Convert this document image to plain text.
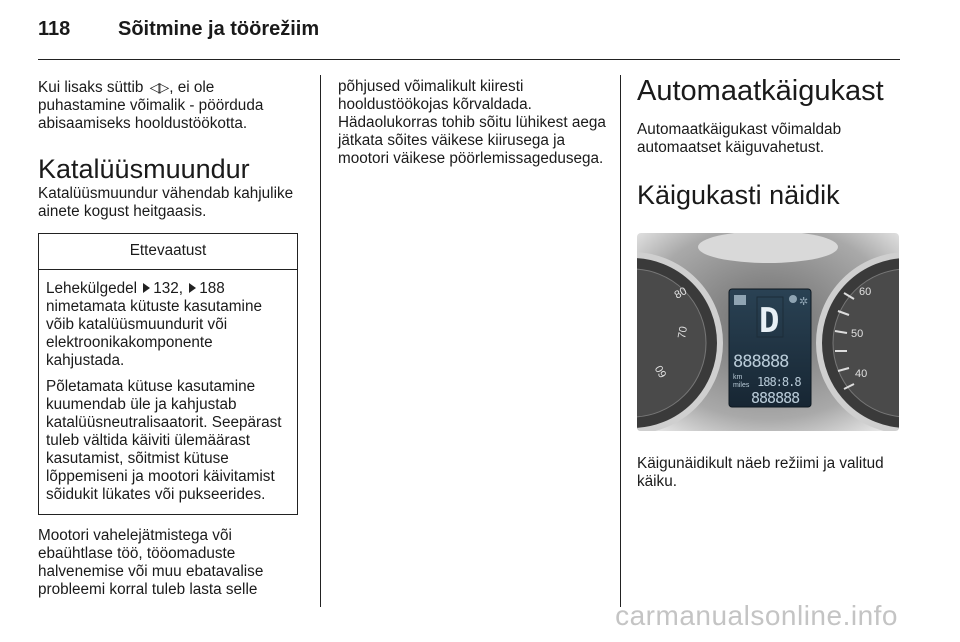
118 Sõitmine ja töörežiim

Kui lisaks süttib ◁▷ , ei ole puhastamine võimalik - pöörduda abisaamiseks hooldustöökotta.

Katalüüsmuundur

Katalüüsmuundur vähendab kahjulike ainete kogust heitgaasis.

Ettevaatust

Lehekülgedel 132, 188 nimetamata kütuste kasutamine võib katalüüsmuundurit või elektroonikakomponente kahjustada.

Põletamata kütuse kasutamine kuumendab üle ja kahjustab katalüüsneutralisaatorit. Seepärast tuleb vältida käiviti ülemäärast kasutamist, sõitmist kütuse lõppemiseni ja mootori käivitamist sõidukit lükates või pukseerides.

Mootori vahelejätmistega või ebaühtlase töö, tööomaduste halvenemise või muu ebatavalise probleemi korral tuleb lasta selle

põhjused võimalikult kiiresti hooldustöökojas kõrvaldada. Hädaolukorras tohib sõitu lühikest aega jätkata sõites väikese kiirusega ja mootori väikese pöörlemissagedusega.

Automaatkäigukast

Automaatkäigukast võimaldab automaatset käiguvahetust.

Käigukasti näidik
80
70
60
60
50
40
✲
D
888888
km
miles 188:8.8
888888

Käigunäidikult näeb režiimi ja valitud käiku.

carmanualsonline.info
